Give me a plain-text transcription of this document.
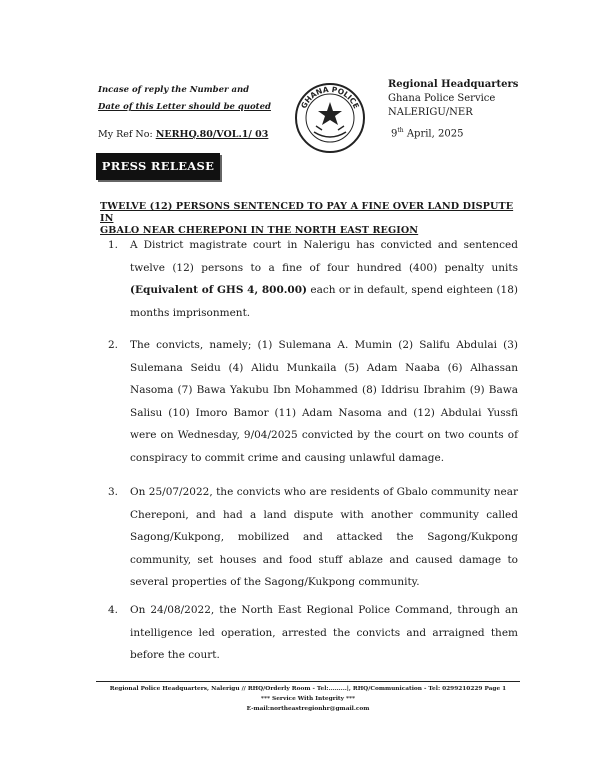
Incase of reply the Number and
Date of this Letter should be quoted	GHANA POLICE
Regional Headquarters
Ghana Police Service
NALERIGU/NER
My Ref No: NERHQ.80/VOL.1/ 03	9th April, 2025
PRESS RELEASE
TWELVE (12) PERSONS SENTENCED TO PAY A FINE OVER LAND DISPUTE IN
GBALO NEAR CHEREPONI IN THE NORTH EAST REGION
1. A District magistrate court in Nalerigu has convicted and sentenced twelve (12) persons to a fine of four hundred (400) penalty units (Equivalent of GHS 4, 800.00) each or in default, spend eighteen (18) months imprisonment.
2. The convicts, namely; (1) Sulemana A. Mumin (2) Salifu Abdulai (3) Sulemana Seidu (4) Alidu Munkaila (5) Adam Naaba (6) Alhassan Nasoma (7) Bawa Yakubu Ibn Mohammed (8) Iddrisu Ibrahim (9) Bawa Salisu (10) Imoro Bamor (11) Adam Nasoma and (12) Abdulai Yussfi were on Wednesday, 9/04/2025 convicted by the court on two counts of conspiracy to commit crime and causing unlawful damage.
3. On 25/07/2022, the convicts who are residents of Gbalo community near Chereponi, and had a land dispute with another community called Sagong/Kukpong, mobilized and attacked the Sagong/Kukpong community, set houses and food stuff ablaze and caused damage to several properties of the Sagong/Kukpong community.
4. On 24/08/2022, the North East Regional Police Command, through an intelligence led operation, arrested the convicts and arraigned them before the court.
Regional Police Headquarters, Nalerigu // RHQ/Orderly Room - Tel:.........|, RHQ/Communication - Tel: 0299210229 Page 1
*** Service With Integrity ***
E-mail:northeastregionhr@gmail.com
